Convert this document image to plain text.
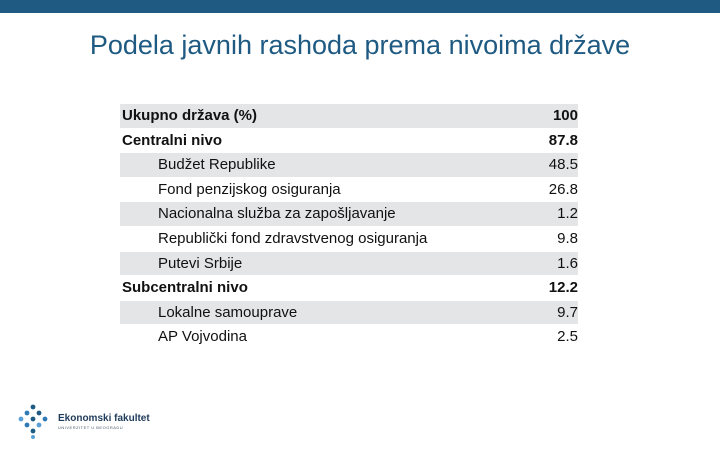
Podela javnih rashoda prema nivoima države
Ukupno država (%)	100
Centralni nivo	87.8
Budžet Republike	48.5
Fond penzijskog osiguranja	26.8
Nacionalna služba za zapošljavanje	1.2
Republički fond zdravstvenog osiguranja	9.8
Putevi Srbije	1.6
Subcentralni nivo	12.2
Lokalne samouprave	9.7
AP Vojvodina	2.5
Ekonomski fakultet
UNIVERZITET U BEOGRADU
